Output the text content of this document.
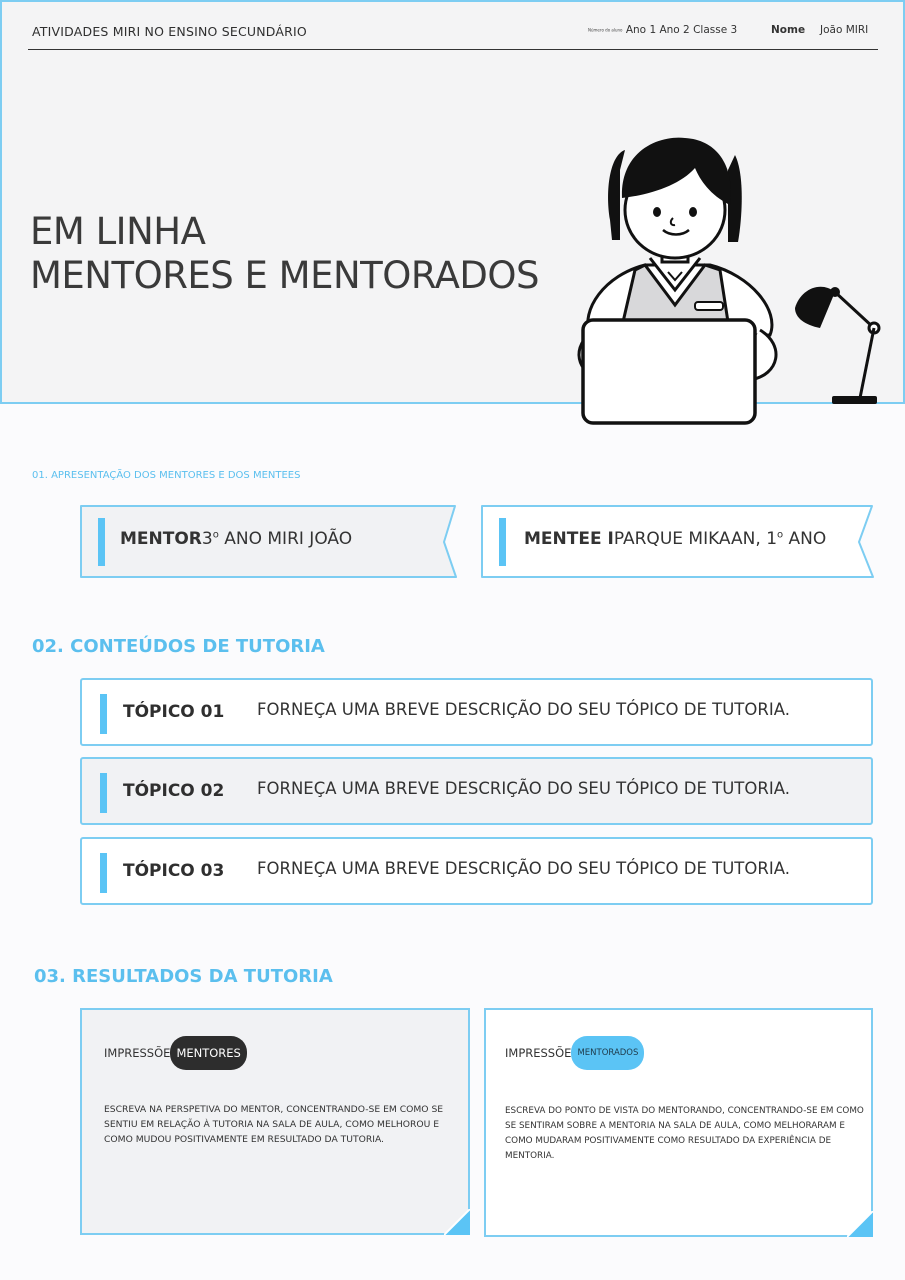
ATIVIDADES MIRI NO ENSINO SECUNDÁRIO	Número do aluno Ano 1 Ano 2 Classe 3	Nome João MIRI
EM LINHA
MENTORES E MENTORADOS
01. APRESENTAÇÃO DOS MENTORES E DOS MENTEES
MENTOR3$^o$ ANO MIRI JOÃO	MENTEE IPARQUE MIKAAN, 1$^o$ ANO
02. CONTEÚDOS DE TUTORIA
TÓPICO 01 FORNEÇA UMA BREVE DESCRIÇÃO DO SEU TÓPICO DE TUTORIA.
TÓPICO 02 FORNEÇA UMA BREVE DESCRIÇÃO DO SEU TÓPICO DE TUTORIA.
TÓPICO 03 FORNEÇA UMA BREVE DESCRIÇÃO DO SEU TÓPICO DE TUTORIA.
03. RESULTADOS DA TUTORIA
IMPRESSÕE MENTORES
ESCREVA NA PERSPETIVA DO MENTOR, CONCENTRANDO-SE EM COMO SE SENTIU EM RELAÇÃO À TUTORIA NA SALA DE AULA, COMO MELHOROU E COMO MUDOU POSITIVAMENTE EM RESULTADO DA TUTORIA.
IMPRESSÕE MENTORADOS
ESCREVA DO PONTO DE VISTA DO MENTORANDO, CONCENTRANDO-SE EM COMO SE SENTIRAM SOBRE A MENTORIA NA SALA DE AULA, COMO MELHORARAM E COMO MUDARAM POSITIVAMENTE COMO RESULTADO DA EXPERIÊNCIA DE MENTORIA.
